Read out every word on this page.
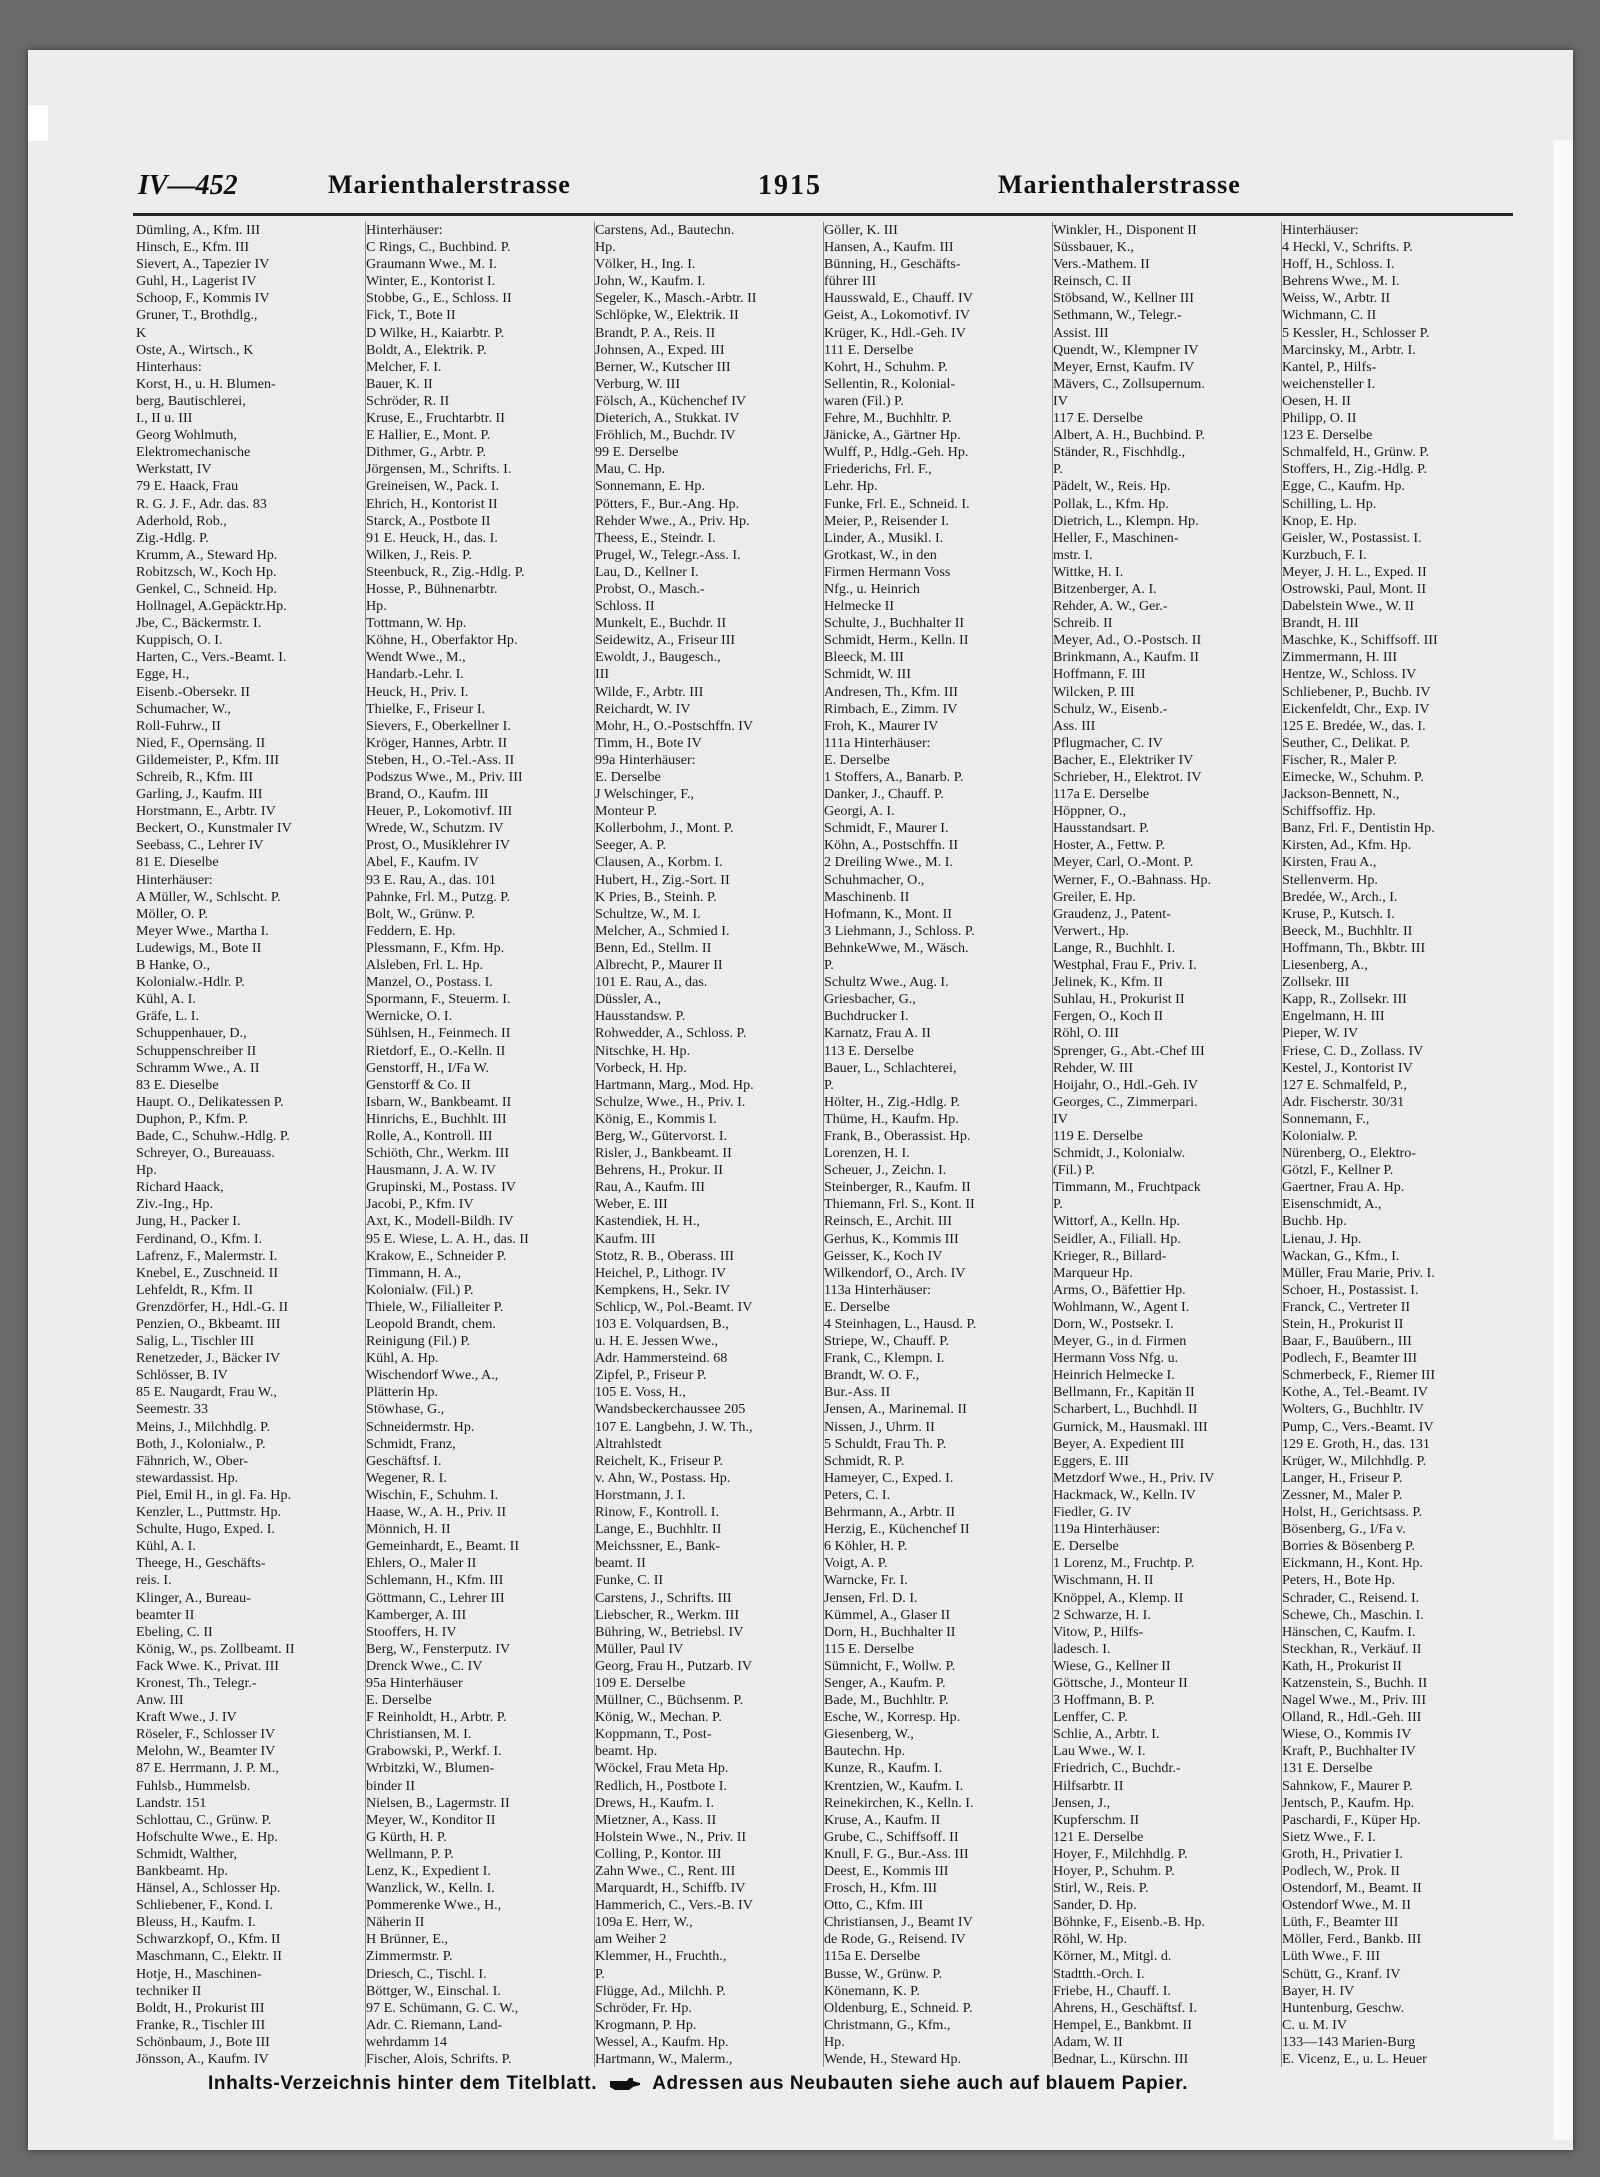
IV—452	Marienthalerstrasse	1915	Marienthalerstrasse
Dümling, A., Kfm. III
Hinsch, E., Kfm. III
Sievert, A., Tapezier IV
Guhl, H., Lagerist IV
Schoop, F., Kommis IV
Gruner, T., Brothdlg.,
K
Oste, A., Wirtsch., K
Hinterhaus:
Korst, H., u. H. Blumen-
berg, Bautischlerei,
I., II u. III
Georg Wohlmuth,
Elektromechanische
Werkstatt, IV
79 E. Haack, Frau
R. G. J. F., Adr. das. 83
Aderhold, Rob.,
Zig.-Hdlg. P.
Krumm, A., Steward Hp.
Robitzsch, W., Koch Hp.
Genkel, C., Schneid. Hp.
Hollnagel, A.Gepäcktr.Hp.
Jbe, C., Bäckermstr. I.
Kuppisch, O. I.
Harten, C., Vers.-Beamt. I.
Egge, H.,
Eisenb.-Obersekr. II
Schumacher, W.,
Roll-Fuhrw., II
Nied, F., Opernsäng. II
Gildemeister, P., Kfm. III
Schreib, R., Kfm. III
Garling, J., Kaufm. III
Horstmann, E., Arbtr. IV
Beckert, O., Kunstmaler IV
Seebass, C., Lehrer IV
81 E. Dieselbe
Hinterhäuser:
A Müller, W., Schlscht. P.
Möller, O. P.
Meyer Wwe., Martha I.
Ludewigs, M., Bote II
B Hanke, O.,
Kolonialw.-Hdlr. P.
Kühl, A. I.
Gräfe, L. I.
Schuppenhauer, D.,
Schuppenschreiber II
Schramm Wwe., A. II
83 E. Dieselbe
Haupt. O., Delikatessen P.
Duphon, P., Kfm. P.
Bade, C., Schuhw.-Hdlg. P.
Schreyer, O., Bureauass.
Hp.
Richard Haack,
Ziv.-Ing., Hp.
Jung, H., Packer I.
Ferdinand, O., Kfm. I.
Lafrenz, F., Malermstr. I.
Knebel, E., Zuschneid. II
Lehfeldt, R., Kfm. II
Grenzdörfer, H., Hdl.-G. II
Penzien, O., Bkbeamt. III
Salig, L., Tischler III
Renetzeder, J., Bäcker IV
Schlösser, B. IV
85 E. Naugardt, Frau W.,
Seemestr. 33
Meins, J., Milchhdlg. P.
Both, J., Kolonialw., P.
Fähnrich, W., Ober-
stewardassist. Hp.
Piel, Emil H., in gl. Fa. Hp.
Kenzler, L., Puttmstr. Hp.
Schulte, Hugo, Exped. I.
Kühl, A. I.
Theege, H., Geschäfts-
reis. I.
Klinger, A., Bureau-
beamter II
Ebeling, C. II
König, W., ps. Zollbeamt. II
Fack Wwe. K., Privat. III
Kronest, Th., Telegr.-
Anw. III
Kraft Wwe., J. IV
Röseler, F., Schlosser IV
Melohn, W., Beamter IV
87 E. Herrmann, J. P. M.,
Fuhlsb., Hummelsb.
Landstr. 151
Schlottau, C., Grünw. P.
Hofschulte Wwe., E. Hp.
Schmidt, Walther,
Bankbeamt. Hp.
Hänsel, A., Schlosser Hp.
Schliebener, F., Kond. I.
Bleuss, H., Kaufm. I.
Schwarzkopf, O., Kfm. II
Maschmann, C., Elektr. II
Hotje, H., Maschinen-
techniker II
Boldt, H., Prokurist III
Franke, R., Tischler III
Schönbaum, J., Bote III
Jönsson, A., Kaufm. IV
Hinterhäuser:
C Rings, C., Buchbind. P.
Graumann Wwe., M. I.
Winter, E., Kontorist I.
Stobbe, G., E., Schloss. II
Fick, T., Bote II
D Wilke, H., Kaiarbtr. P.
Boldt, A., Elektrik. P.
Melcher, F. I.
Bauer, K. II
Schröder, R. II
Kruse, E., Fruchtarbtr. II
E Hallier, E., Mont. P.
Dithmer, G., Arbtr. P.
Jörgensen, M., Schrifts. I.
Greineisen, W., Pack. I.
Ehrich, H., Kontorist II
Starck, A., Postbote II
91 E. Heuck, H., das. I.
Wilken, J., Reis. P.
Steenbuck, R., Zig.-Hdlg. P.
Hosse, P., Bühnenarbtr.
Hp.
Tottmann, W. Hp.
Köhne, H., Oberfaktor Hp.
Wendt Wwe., M.,
Handarb.-Lehr. I.
Heuck, H., Priv. I.
Thielke, F., Friseur I.
Sievers, F., Oberkellner I.
Kröger, Hannes, Arbtr. II
Steben, H., O.-Tel.-Ass. II
Podszus Wwe., M., Priv. III
Brand, O., Kaufm. III
Heuer, P., Lokomotivf. III
Wrede, W., Schutzm. IV
Prost, O., Musiklehrer IV
Abel, F., Kaufm. IV
93 E. Rau, A., das. 101
Pahnke, Frl. M., Putzg. P.
Bolt, W., Grünw. P.
Feddern, E. Hp.
Plessmann, F., Kfm. Hp.
Alsleben, Frl. L. Hp.
Manzel, O., Postass. I.
Spormann, F., Steuerm. I.
Wernicke, O. I.
Sühlsen, H., Feinmech. II
Rietdorf, E., O.-Kelln. II
Genstorff, H., I/Fa W.
Genstorff & Co. II
Isbarn, W., Bankbeamt. II
Hinrichs, E., Buchhlt. III
Rolle, A., Kontroll. III
Schiöth, Chr., Werkm. III
Hausmann, J. A. W. IV
Grupinski, M., Postass. IV
Jacobi, P., Kfm. IV
Axt, K., Modell-Bildh. IV
95 E. Wiese, L. A. H., das. II
Krakow, E., Schneider P.
Timmann, H. A.,
Kolonialw. (Fil.) P.
Thiele, W., Filialleiter P.
Leopold Brandt, chem.
Reinigung (Fil.) P.
Kühl, A. Hp.
Wischendorf Wwe., A.,
Plätterin Hp.
Stöwhase, G.,
Schneidermstr. Hp.
Schmidt, Franz,
Geschäftsf. I.
Wegener, R. I.
Wischin, F., Schuhm. I.
Haase, W., A. H., Priv. II
Mönnich, H. II
Gemeinhardt, E., Beamt. II
Ehlers, O., Maler II
Schlemann, H., Kfm. III
Göttmann, C., Lehrer III
Kamberger, A. III
Stooffers, H. IV
Berg, W., Fensterputz. IV
Drenck Wwe., C. IV
95a Hinterhäuser
E. Derselbe
F Reinholdt, H., Arbtr. P.
Christiansen, M. I.
Grabowski, P., Werkf. I.
Wrbitzki, W., Blumen-
binder II
Nielsen, B., Lagermstr. II
Meyer, W., Konditor II
G Kürth, H. P.
Wellmann, P. P.
Lenz, K., Expedient I.
Wanzlick, W., Kelln. I.
Pommerenke Wwe., H.,
Näherin II
H Brünner, E.,
Zimmermstr. P.
Driesch, C., Tischl. I.
Böttger, W., Einschal. I.
97 E. Schümann, G. C. W.,
Adr. C. Riemann, Land-
wehrdamm 14
Fischer, Alois, Schrifts. P.
Carstens, Ad., Bautechn.
Hp.
Völker, H., Ing. I.
John, W., Kaufm. I.
Segeler, K., Masch.-Arbtr. II
Schlöpke, W., Elektrik. II
Brandt, P. A., Reis. II
Johnsen, A., Exped. III
Berner, W., Kutscher III
Verburg, W. III
Fölsch, A., Küchenchef IV
Dieterich, A., Stukkat. IV
Fröhlich, M., Buchdr. IV
99 E. Derselbe
Mau, C. Hp.
Sonnemann, E. Hp.
Pötters, F., Bur.-Ang. Hp.
Rehder Wwe., A., Priv. Hp.
Theess, E., Steindr. I.
Prugel, W., Telegr.-Ass. I.
Lau, D., Kellner I.
Probst, O., Masch.-
Schloss. II
Munkelt, E., Buchdr. II
Seidewitz, A., Friseur III
Ewoldt, J., Baugesch.,
III
Wilde, F., Arbtr. III
Reichardt, W. IV
Mohr, H., O.-Postschffn. IV
Timm, H., Bote IV
99a Hinterhäuser:
E. Derselbe
J Welschinger, F.,
Monteur P.
Kollerbohm, J., Mont. P.
Seeger, A. P.
Clausen, A., Korbm. I.
Hubert, H., Zig.-Sort. II
K Pries, B., Steinh. P.
Schultze, W., M. I.
Melcher, A., Schmied I.
Benn, Ed., Stellm. II
Albrecht, P., Maurer II
101 E. Rau, A., das.
Düssler, A.,
Hausstandsw. P.
Rohwedder, A., Schloss. P.
Nitschke, H. Hp.
Vorbeck, H. Hp.
Hartmann, Marg., Mod. Hp.
Schulze, Wwe., H., Priv. I.
König, E., Kommis I.
Berg, W., Gütervorst. I.
Risler, J., Bankbeamt. II
Behrens, H., Prokur. II
Rau, A., Kaufm. III
Weber, E. III
Kastendiek, H. H.,
Kaufm. III
Stotz, R. B., Oberass. III
Heichel, P., Lithogr. IV
Kempkens, H., Sekr. IV
Schlicp, W., Pol.-Beamt. IV
103 E. Volquardsen, B.,
u. H. E. Jessen Wwe.,
Adr. Hammersteind. 68
Zipfel, P., Friseur P.
105 E. Voss, H.,
Wandsbeckerchaussee 205
107 E. Langbehn, J. W. Th.,
Altrahlstedt
Reichelt, K., Friseur P.
v. Ahn, W., Postass. Hp.
Horstmann, J. I.
Rinow, F., Kontroll. I.
Lange, E., Buchhltr. II
Meichssner, E., Bank-
beamt. II
Funke, C. II
Carstens, J., Schrifts. III
Liebscher, R., Werkm. III
Bühring, W., Betriebsl. IV
Müller, Paul IV
Georg, Frau H., Putzarb. IV
109 E. Derselbe
Müllner, C., Büchsenm. P.
König, W., Mechan. P.
Koppmann, T., Post-
beamt. Hp.
Wöckel, Frau Meta Hp.
Redlich, H., Postbote I.
Drews, H., Kaufm. I.
Mietzner, A., Kass. II
Holstein Wwe., N., Priv. II
Colling, P., Kontor. III
Zahn Wwe., C., Rent. III
Marquardt, H., Schiffb. IV
Hammerich, C., Vers.-B. IV
109a E. Herr, W.,
am Weiher 2
Klemmer, H., Fruchth.,
P.
Flügge, Ad., Milchh. P.
Schröder, Fr. Hp.
Krogmann, P. Hp.
Wessel, A., Kaufm. Hp.
Hartmann, W., Malerm.,
Göller, K. III
Hansen, A., Kaufm. III
Bünning, H., Geschäfts-
führer III
Hausswald, E., Chauff. IV
Geist, A., Lokomotivf. IV
Krüger, K., Hdl.-Geh. IV
111 E. Derselbe
Kohrt, H., Schuhm. P.
Sellentin, R., Kolonial-
waren (Fil.) P.
Fehre, M., Buchhltr. P.
Jänicke, A., Gärtner Hp.
Wulff, P., Hdlg.-Geh. Hp.
Friederichs, Frl. F.,
Lehr. Hp.
Funke, Frl. E., Schneid. I.
Meier, P., Reisender I.
Linder, A., Musikl. I.
Grotkast, W., in den
Firmen Hermann Voss
Nfg., u. Heinrich
Helmecke II
Schulte, J., Buchhalter II
Schmidt, Herm., Kelln. II
Bleeck, M. III
Schmidt, W. III
Andresen, Th., Kfm. III
Rimbach, E., Zimm. IV
Froh, K., Maurer IV
111a Hinterhäuser:
E. Derselbe
1 Stoffers, A., Banarb. P.
Danker, J., Chauff. P.
Georgi, A. I.
Schmidt, F., Maurer I.
Köhn, A., Postschffn. II
2 Dreiling Wwe., M. I.
Schuhmacher, O.,
Maschinenb. II
Hofmann, K., Mont. II
3 Liehmann, J., Schloss. P.
BehnkeWwe, M., Wäsch.
P.
Schultz Wwe., Aug. I.
Griesbacher, G.,
Buchdrucker I.
Karnatz, Frau A. II
113 E. Derselbe
Bauer, L., Schlachterei,
P.
Hölter, H., Zig.-Hdlg. P.
Thüme, H., Kaufm. Hp.
Frank, B., Oberassist. Hp.
Lorenzen, H. I.
Scheuer, J., Zeichn. I.
Steinberger, R., Kaufm. II
Thiemann, Frl. S., Kont. II
Reinsch, E., Archit. III
Gerhus, K., Kommis III
Geisser, K., Koch IV
Wilkendorf, O., Arch. IV
113a Hinterhäuser:
E. Derselbe
4 Steinhagen, L., Hausd. P.
Striepe, W., Chauff. P.
Frank, C., Klempn. I.
Brandt, W. O. F.,
Bur.-Ass. II
Jensen, A., Marinemal. II
Nissen, J., Uhrm. II
5 Schuldt, Frau Th. P.
Schmidt, R. P.
Hameyer, C., Exped. I.
Peters, C. I.
Behrmann, A., Arbtr. II
Herzig, E., Küchenchef II
6 Köhler, H. P.
Voigt, A. P.
Warncke, Fr. I.
Jensen, Frl. D. I.
Kümmel, A., Glaser II
Dorn, H., Buchhalter II
115 E. Derselbe
Sümnicht, F., Wollw. P.
Senger, A., Kaufm. P.
Bade, M., Buchhltr. P.
Esche, W., Korresp. Hp.
Giesenberg, W.,
Bautechn. Hp.
Kunze, R., Kaufm. I.
Krentzien, W., Kaufm. I.
Reinekirchen, K., Kelln. I.
Kruse, A., Kaufm. II
Grube, C., Schiffsoff. II
Knull, F. G., Bur.-Ass. III
Deest, E., Kommis III
Frosch, H., Kfm. III
Otto, C., Kfm. III
Christiansen, J., Beamt IV
de Rode, G., Reisend. IV
115a E. Derselbe
Busse, W., Grünw. P.
Könemann, K. P.
Oldenburg, E., Schneid. P.
Christmann, G., Kfm.,
Hp.
Wende, H., Steward Hp.
Winkler, H., Disponent II
Süssbauer, K.,
Vers.-Mathem. II
Reinsch, C. II
Stöbsand, W., Kellner III
Sethmann, W., Telegr.-
Assist. III
Quendt, W., Klempner IV
Meyer, Ernst, Kaufm. IV
Mävers, C., Zollsupernum.
IV
117 E. Derselbe
Albert, A. H., Buchbind. P.
Ständer, R., Fischhdlg.,
P.
Pädelt, W., Reis. Hp.
Pollak, L., Kfm. Hp.
Dietrich, L., Klempn. Hp.
Heller, F., Maschinen-
mstr. I.
Wittke, H. I.
Bitzenberger, A. I.
Rehder, A. W., Ger.-
Schreib. II
Meyer, Ad., O.-Postsch. II
Brinkmann, A., Kaufm. II
Hoffmann, F. III
Wilcken, P. III
Schulz, W., Eisenb.-
Ass. III
Pflugmacher, C. IV
Bacher, E., Elektriker IV
Schrieber, H., Elektrot. IV
117a E. Derselbe
Höppner, O.,
Hausstandsart. P.
Hoster, A., Fettw. P.
Meyer, Carl, O.-Mont. P.
Werner, F., O.-Bahnass. Hp.
Greiler, E. Hp.
Graudenz, J., Patent-
Verwert., Hp.
Lange, R., Buchhlt. I.
Westphal, Frau F., Priv. I.
Jelinek, K., Kfm. II
Suhlau, H., Prokurist II
Fergen, O., Koch II
Röhl, O. III
Sprenger, G., Abt.-Chef III
Rehder, W. III
Hoijahr, O., Hdl.-Geh. IV
Georges, C., Zimmerpari.
IV
119 E. Derselbe
Schmidt, J., Kolonialw.
(Fil.) P.
Timmann, M., Fruchtpack
P.
Wittorf, A., Kelln. Hp.
Seidler, A., Filiall. Hp.
Krieger, R., Billard-
Marqueur Hp.
Arms, O., Bäfettier Hp.
Wohlmann, W., Agent I.
Dorn, W., Postsekr. I.
Meyer, G., in d. Firmen
Hermann Voss Nfg. u.
Heinrich Helmecke I.
Bellmann, Fr., Kapitän II
Scharbert, L., Buchhdl. II
Gurnick, M., Hausmakl. III
Beyer, A. Expedient III
Eggers, E. III
Metzdorf Wwe., H., Priv. IV
Hackmack, W., Kelln. IV
Fiedler, G. IV
119a Hinterhäuser:
E. Derselbe
1 Lorenz, M., Fruchtp. P.
Wischmann, H. II
Knöppel, A., Klemp. II
2 Schwarze, H. I.
Vitow, P., Hilfs-
ladesch. I.
Wiese, G., Kellner II
Göttsche, J., Monteur II
3 Hoffmann, B. P.
Lenffer, C. P.
Schlie, A., Arbtr. I.
Lau Wwe., W. I.
Friedrich, C., Buchdr.-
Hilfsarbtr. II
Jensen, J.,
Kupferschm. II
121 E. Derselbe
Hoyer, F., Milchhdlg. P.
Hoyer, P., Schuhm. P.
Stirl, W., Reis. P.
Sander, D. Hp.
Böhnke, F., Eisenb.-B. Hp.
Röhl, W. Hp.
Körner, M., Mitgl. d.
Stadtth.-Orch. I.
Friebe, H., Chauff. I.
Ahrens, H., Geschäftsf. I.
Hempel, E., Bankbmt. II
Adam, W. II
Bednar, L., Kürschn. III
Hinterhäuser:
4 Heckl, V., Schrifts. P.
Hoff, H., Schloss. I.
Behrens Wwe., M. I.
Weiss, W., Arbtr. II
Wichmann, C. II
5 Kessler, H., Schlosser P.
Marcinsky, M., Arbtr. I.
Kantel, P., Hilfs-
weichensteller I.
Oesen, H. II
Philipp, O. II
123 E. Derselbe
Schmalfeld, H., Grünw. P.
Stoffers, H., Zig.-Hdlg. P.
Egge, C., Kaufm. Hp.
Schilling, L. Hp.
Knop, E. Hp.
Geisler, W., Postassist. I.
Kurzbuch, F. I.
Meyer, J. H. L., Exped. II
Ostrowski, Paul, Mont. II
Dabelstein Wwe., W. II
Brandt, H. III
Maschke, K., Schiffsoff. III
Zimmermann, H. III
Hentze, W., Schloss. IV
Schliebener, P., Buchb. IV
Eickenfeldt, Chr., Exp. IV
125 E. Bredée, W., das. I.
Seuther, C., Delikat. P.
Fischer, R., Maler P.
Eimecke, W., Schuhm. P.
Jackson-Bennett, N.,
Schiffsoffiz. Hp.
Banz, Frl. F., Dentistin Hp.
Kirsten, Ad., Kfm. Hp.
Kirsten, Frau A.,
Stellenverm. Hp.
Bredée, W., Arch., I.
Kruse, P., Kutsch. I.
Beeck, M., Buchhltr. II
Hoffmann, Th., Bkbtr. III
Liesenberg, A.,
Zollsekr. III
Kapp, R., Zollsekr. III
Engelmann, H. III
Pieper, W. IV
Friese, C. D., Zollass. IV
Kestel, J., Kontorist IV
127 E. Schmalfeld, P.,
Adr. Fischerstr. 30/31
Sonnemann, F.,
Kolonialw. P.
Nürenberg, O., Elektro-
Götzl, F., Kellner P.
Gaertner, Frau A. Hp.
Eisenschmidt, A.,
Buchb. Hp.
Lienau, J. Hp.
Wackan, G., Kfm., I.
Müller, Frau Marie, Priv. I.
Schoer, H., Postassist. I.
Franck, C., Vertreter II
Stein, H., Prokurist II
Baar, F., Bauübern., III
Podlech, F., Beamter III
Schmerbeck, F., Riemer III
Kothe, A., Tel.-Beamt. IV
Wolters, G., Buchhltr. IV
Pump, C., Vers.-Beamt. IV
129 E. Groth, H., das. 131
Krüger, W., Milchhdlg. P.
Langer, H., Friseur P.
Zessner, M., Maler P.
Holst, H., Gerichtsass. P.
Bösenberg, G., I/Fa v.
Borries & Bösenberg P.
Eickmann, H., Kont. Hp.
Peters, H., Bote Hp.
Schrader, C., Reisend. I.
Schewe, Ch., Maschin. I.
Hänschen, C, Kaufm. I.
Steckhan, R., Verkäuf. II
Kath, H., Prokurist II
Katzenstein, S., Buchh. II
Nagel Wwe., M., Priv. III
Olland, R., Hdl.-Geh. III
Wiese, O., Kommis IV
Kraft, P., Buchhalter IV
131 E. Derselbe
Sahnkow, F., Maurer P.
Jentsch, P., Kaufm. Hp.
Paschardi, F., Küper Hp.
Sietz Wwe., F. I.
Groth, H., Privatier I.
Podlech, W., Prok. II
Ostendorf, M., Beamt. II
Ostendorf Wwe., M. II
Lüth, F., Beamter III
Möller, Ferd., Bankb. III
Lüth Wwe., F. III
Schütt, G., Kranf. IV
Bayer, H. IV
Huntenburg, Geschw.
C. u. M. IV
133—143 Marien-Burg
E. Vicenz, E., u. L. Heuer
Inhalts-Verzeichnis hinter dem Titelblatt.	Adressen aus Neubauten siehe auch auf blauem Papier.
